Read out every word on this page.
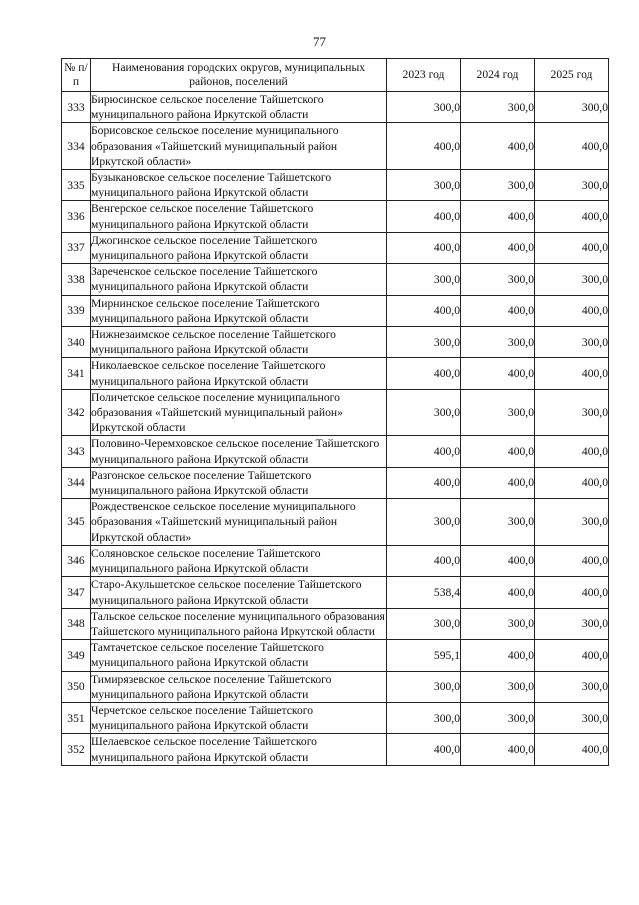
77
№ п/п	Наименования городских округов, муниципальных районов, поселений	2023 год	2024 год	2025 год
333	Бирюсинское сельское поселение Тайшетского муниципального района Иркутской области	300,0	300,0	300,0
334	Борисовское сельское поселение муниципального образования «Тайшетский муниципальный район Иркутской области»	400,0	400,0	400,0
335	Бузыкановское сельское поселение Тайшетского муниципального района Иркутской области	300,0	300,0	300,0
336	Венгерское сельское поселение Тайшетского муниципального района Иркутской области	400,0	400,0	400,0
337	Джогинское сельское поселение Тайшетского муниципального района Иркутской области	400,0	400,0	400,0
338	Зареченское сельское поселение Тайшетского муниципального района Иркутской области	300,0	300,0	300,0
339	Мирнинское сельское поселение Тайшетского муниципального района Иркутской области	400,0	400,0	400,0
340	Нижнезаимское сельское поселение Тайшетского муниципального района Иркутской области	300,0	300,0	300,0
341	Николаевское сельское поселение Тайшетского муниципального района Иркутской области	400,0	400,0	400,0
342	Поличетское сельское поселение муниципального образования «Тайшетский муниципальный район» Иркутской области	300,0	300,0	300,0
343	Половино-Черемховское сельское поселение Тайшетского муниципального района Иркутской области	400,0	400,0	400,0
344	Разгонское сельское поселение Тайшетского муниципального района Иркутской области	400,0	400,0	400,0
345	Рождественское сельское поселение муниципального образования «Тайшетский муниципальный район Иркутской области»	300,0	300,0	300,0
346	Соляновское сельское поселение Тайшетского муниципального района Иркутской области	400,0	400,0	400,0
347	Старо-Акульшетское сельское поселение Тайшетского муниципального района Иркутской области	538,4	400,0	400,0
348	Тальское сельское поселение муниципального образования Тайшетского муниципального района Иркутской области	300,0	300,0	300,0
349	Тамтачетское сельское поселение Тайшетского муниципального района Иркутской области	595,1	400,0	400,0
350	Тимирязевское сельское поселение Тайшетского муниципального района Иркутской области	300,0	300,0	300,0
351	Черчетское сельское поселение Тайшетского муниципального района Иркутской области	300,0	300,0	300,0
352	Шелаевское сельское поселение Тайшетского муниципального района Иркутской области	400,0	400,0	400,0
